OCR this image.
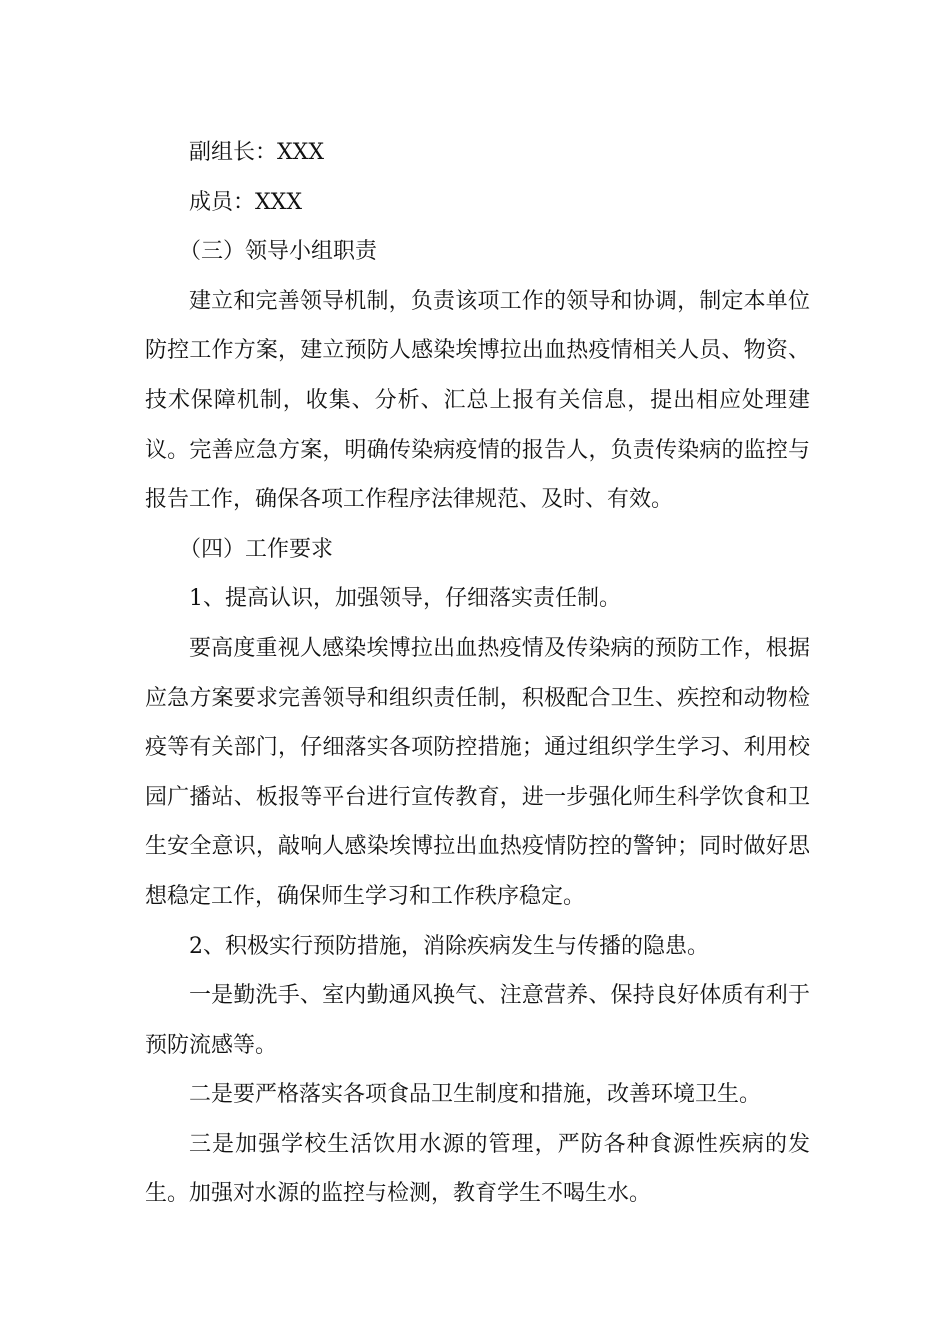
副组长：XXX

成员：XXX

（三）领导小组职责

建立和完善领导机制，负责该项工作的领导和协调，制定本单位防控工作方案，建立预防人感染埃博拉出血热疫情相关人员、物资、技术保障机制，收集、分析、汇总上报有关信息，提出相应处理建议。完善应急方案，明确传染病疫情的报告人，负责传染病的监控与报告工作，确保各项工作程序法律规范、及时、有效。

（四）工作要求

1、提高认识，加强领导，仔细落实责任制。

要高度重视人感染埃博拉出血热疫情及传染病的预防工作，根据应急方案要求完善领导和组织责任制，积极配合卫生、疾控和动物检疫等有关部门，仔细落实各项防控措施；通过组织学生学习、利用校园广播站、板报等平台进行宣传教育，进一步强化师生科学饮食和卫生安全意识，敲响人感染埃博拉出血热疫情防控的警钟；同时做好思想稳定工作，确保师生学习和工作秩序稳定。

2、积极实行预防措施，消除疾病发生与传播的隐患。

一是勤洗手、室内勤通风换气、注意营养、保持良好体质有利于预防流感等。

二是要严格落实各项食品卫生制度和措施，改善环境卫生。

三是加强学校生活饮用水源的管理，严防各种食源性疾病的发生。加强对水源的监控与检测，教育学生不喝生水。
